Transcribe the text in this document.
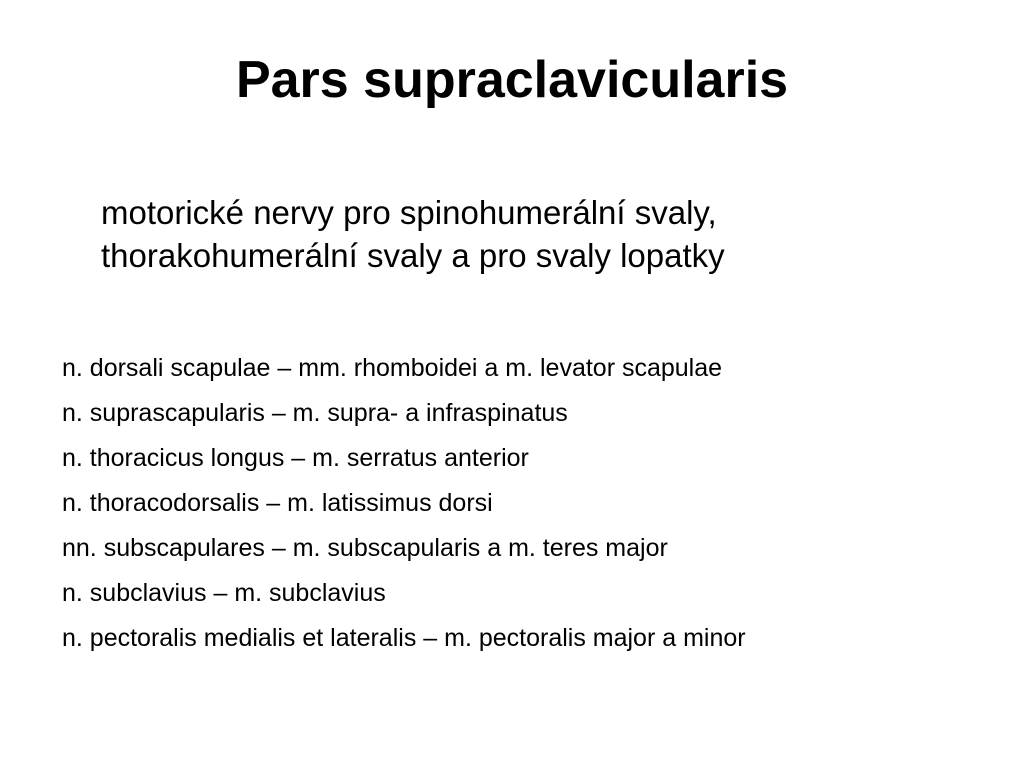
Pars supraclavicularis
motorické nervy pro spinohumerální svaly,
thorakohumerální svaly a pro svaly lopatky
n. dorsali scapulae – mm. rhomboidei a m. levator scapulae
n. suprascapularis – m. supra- a infraspinatus
n. thoracicus longus – m. serratus anterior
n. thoracodorsalis – m. latissimus dorsi
nn. subscapulares – m. subscapularis a m. teres major
n. subclavius – m. subclavius
n. pectoralis medialis et lateralis – m. pectoralis major a minor
